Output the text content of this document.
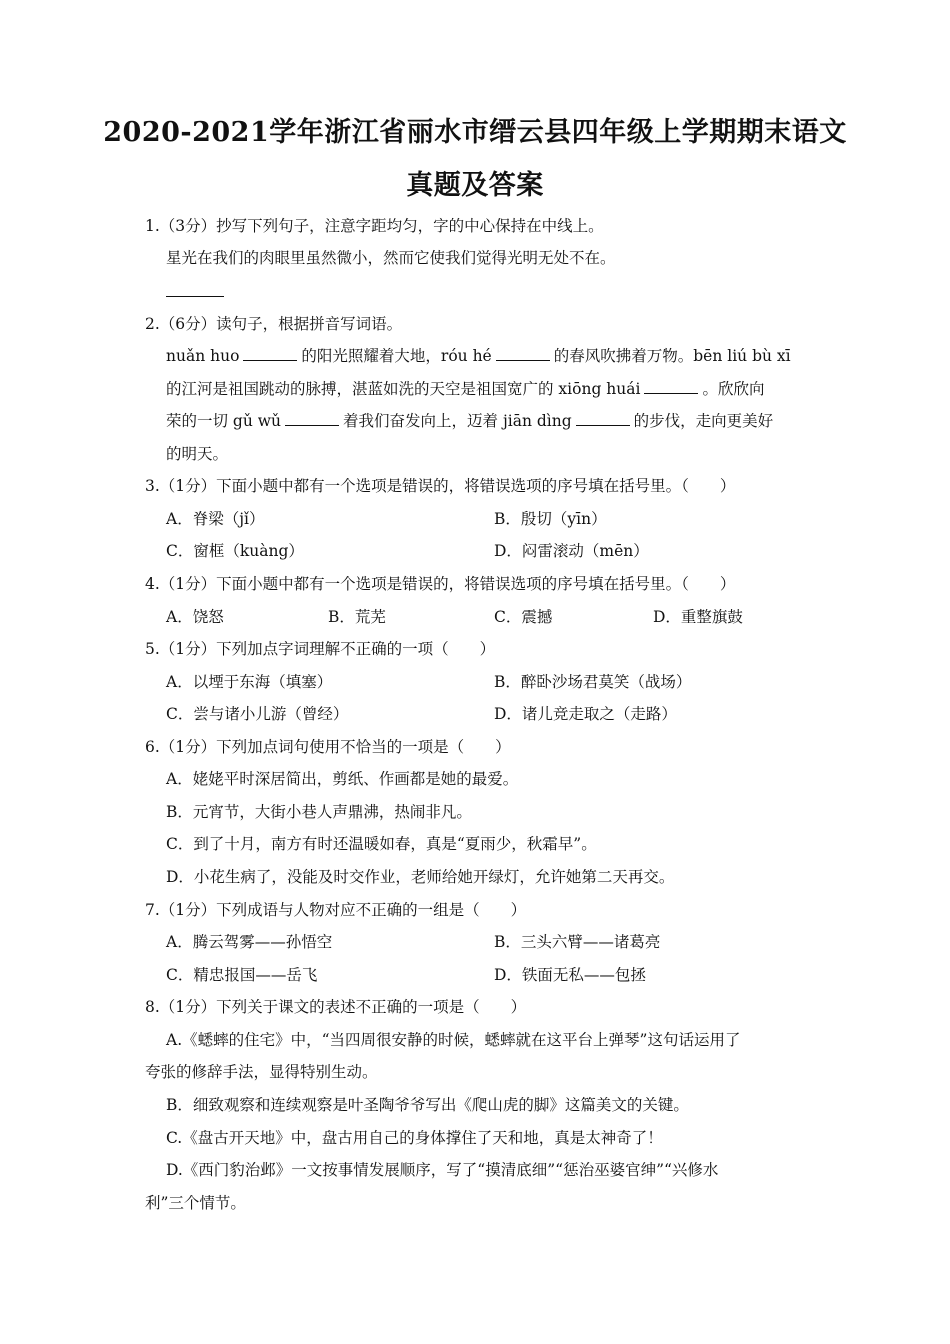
2020-2021学年浙江省丽水市缙云县四年级上学期期末语文
真题及答案
1.（3分）抄写下列句子，注意字距均匀，字的中心保持在中线上。
星光在我们的肉眼里虽然微小，然而它使我们觉得光明无处不在。
2.（6分）读句子，根据拼音写词语。
nuǎn huo	的阳光照耀着大地，róu hé	的春风吹拂着万物。bēn liú bù xī
的江河是祖国跳动的脉搏，湛蓝如洗的天空是祖国宽广的 xiōng huái	。欣欣向
荣的一切 gǔ wǔ	着我们奋发向上，迈着 jiān dìng	的步伐，走向更美好
的明天。
3.（1分）下面小题中都有一个选项是错误的，将错误选项的序号填在括号里。（　　）
A．脊梁（jǐ）	B．殷切（yīn）
C．窗框（kuàng）	D．闷雷滚动（mēn）
4.（1分）下面小题中都有一个选项是错误的，将错误选项的序号填在括号里。（　　）
A．饶怒	B．荒芜	C．震撼	D．重整旗鼓
5.（1分）下列加点字词理解不正确的一项（　　）
A．以堙于东海（填塞）	B．醉卧沙场君莫笑（战场）
C．尝与诸小儿游（曾经）	D．诸儿竞走取之（走路）
6.（1分）下列加点词句使用不恰当的一项是（　　）
A．姥姥平时深居简出，剪纸、作画都是她的最爱。
B．元宵节，大街小巷人声鼎沸，热闹非凡。
C．到了十月，南方有时还温暖如春，真是“夏雨少，秋霜早”。
D．小花生病了，没能及时交作业，老师给她开绿灯，允许她第二天再交。
7.（1分）下列成语与人物对应不正确的一组是（　　）
A．腾云驾雾——孙悟空	B．三头六臂——诸葛亮
C．精忠报国——岳飞	D．铁面无私——包拯
8.（1分）下列关于课文的表述不正确的一项是（　　）
A.《蟋蟀的住宅》中，“当四周很安静的时候，蟋蟀就在这平台上弹琴”这句话运用了
夸张的修辞手法，显得特别生动。
B．细致观察和连续观察是叶圣陶爷爷写出《爬山虎的脚》这篇美文的关键。
C.《盘古开天地》中，盘古用自己的身体撑住了天和地，真是太神奇了！
D.《西门豹治邺》一文按事情发展顺序，写了“摸清底细”“惩治巫婆官绅”“兴修水
利”三个情节。
